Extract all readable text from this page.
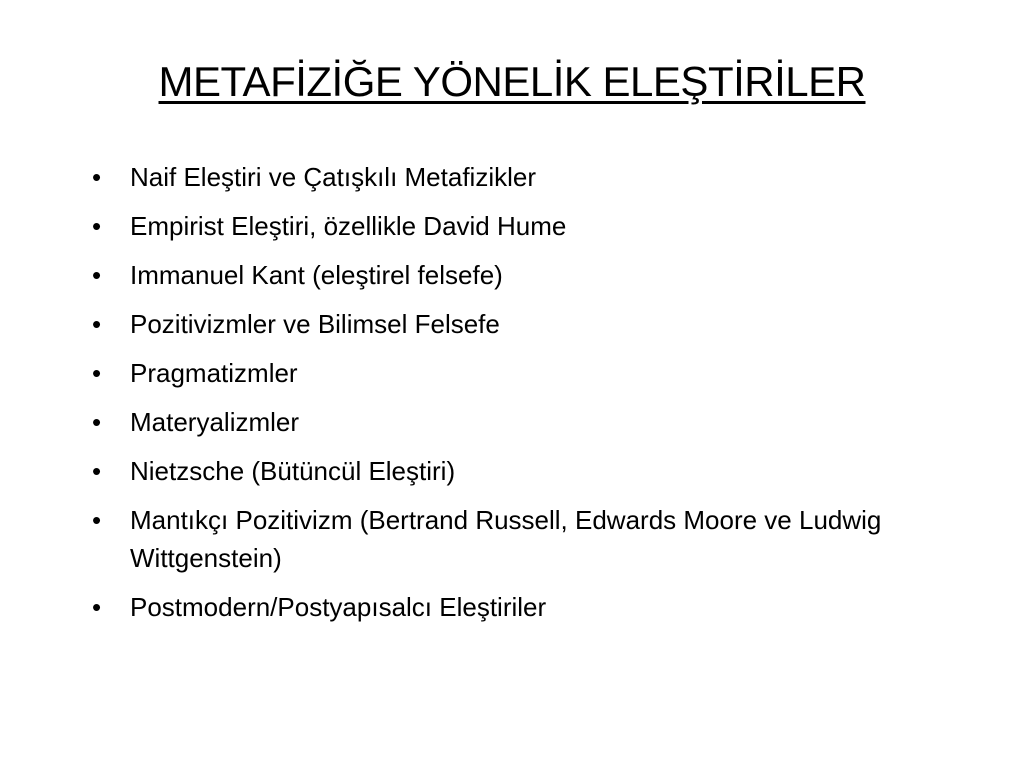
METAFİZİĞE YÖNELİK ELEŞTİRİLER
•	Naif Eleştiri ve Çatışkılı Metafizikler
•	Empirist Eleştiri, özellikle David Hume
•	Immanuel Kant (eleştirel felsefe)
•	Pozitivizmler ve Bilimsel Felsefe
•	Pragmatizmler
•	Materyalizmler
•	Nietzsche (Bütüncül Eleştiri)
•	Mantıkçı Pozitivizm (Bertrand Russell, Edwards Moore ve Ludwig Wittgenstein)
•	Postmodern/Postyapısalcı Eleştiriler
